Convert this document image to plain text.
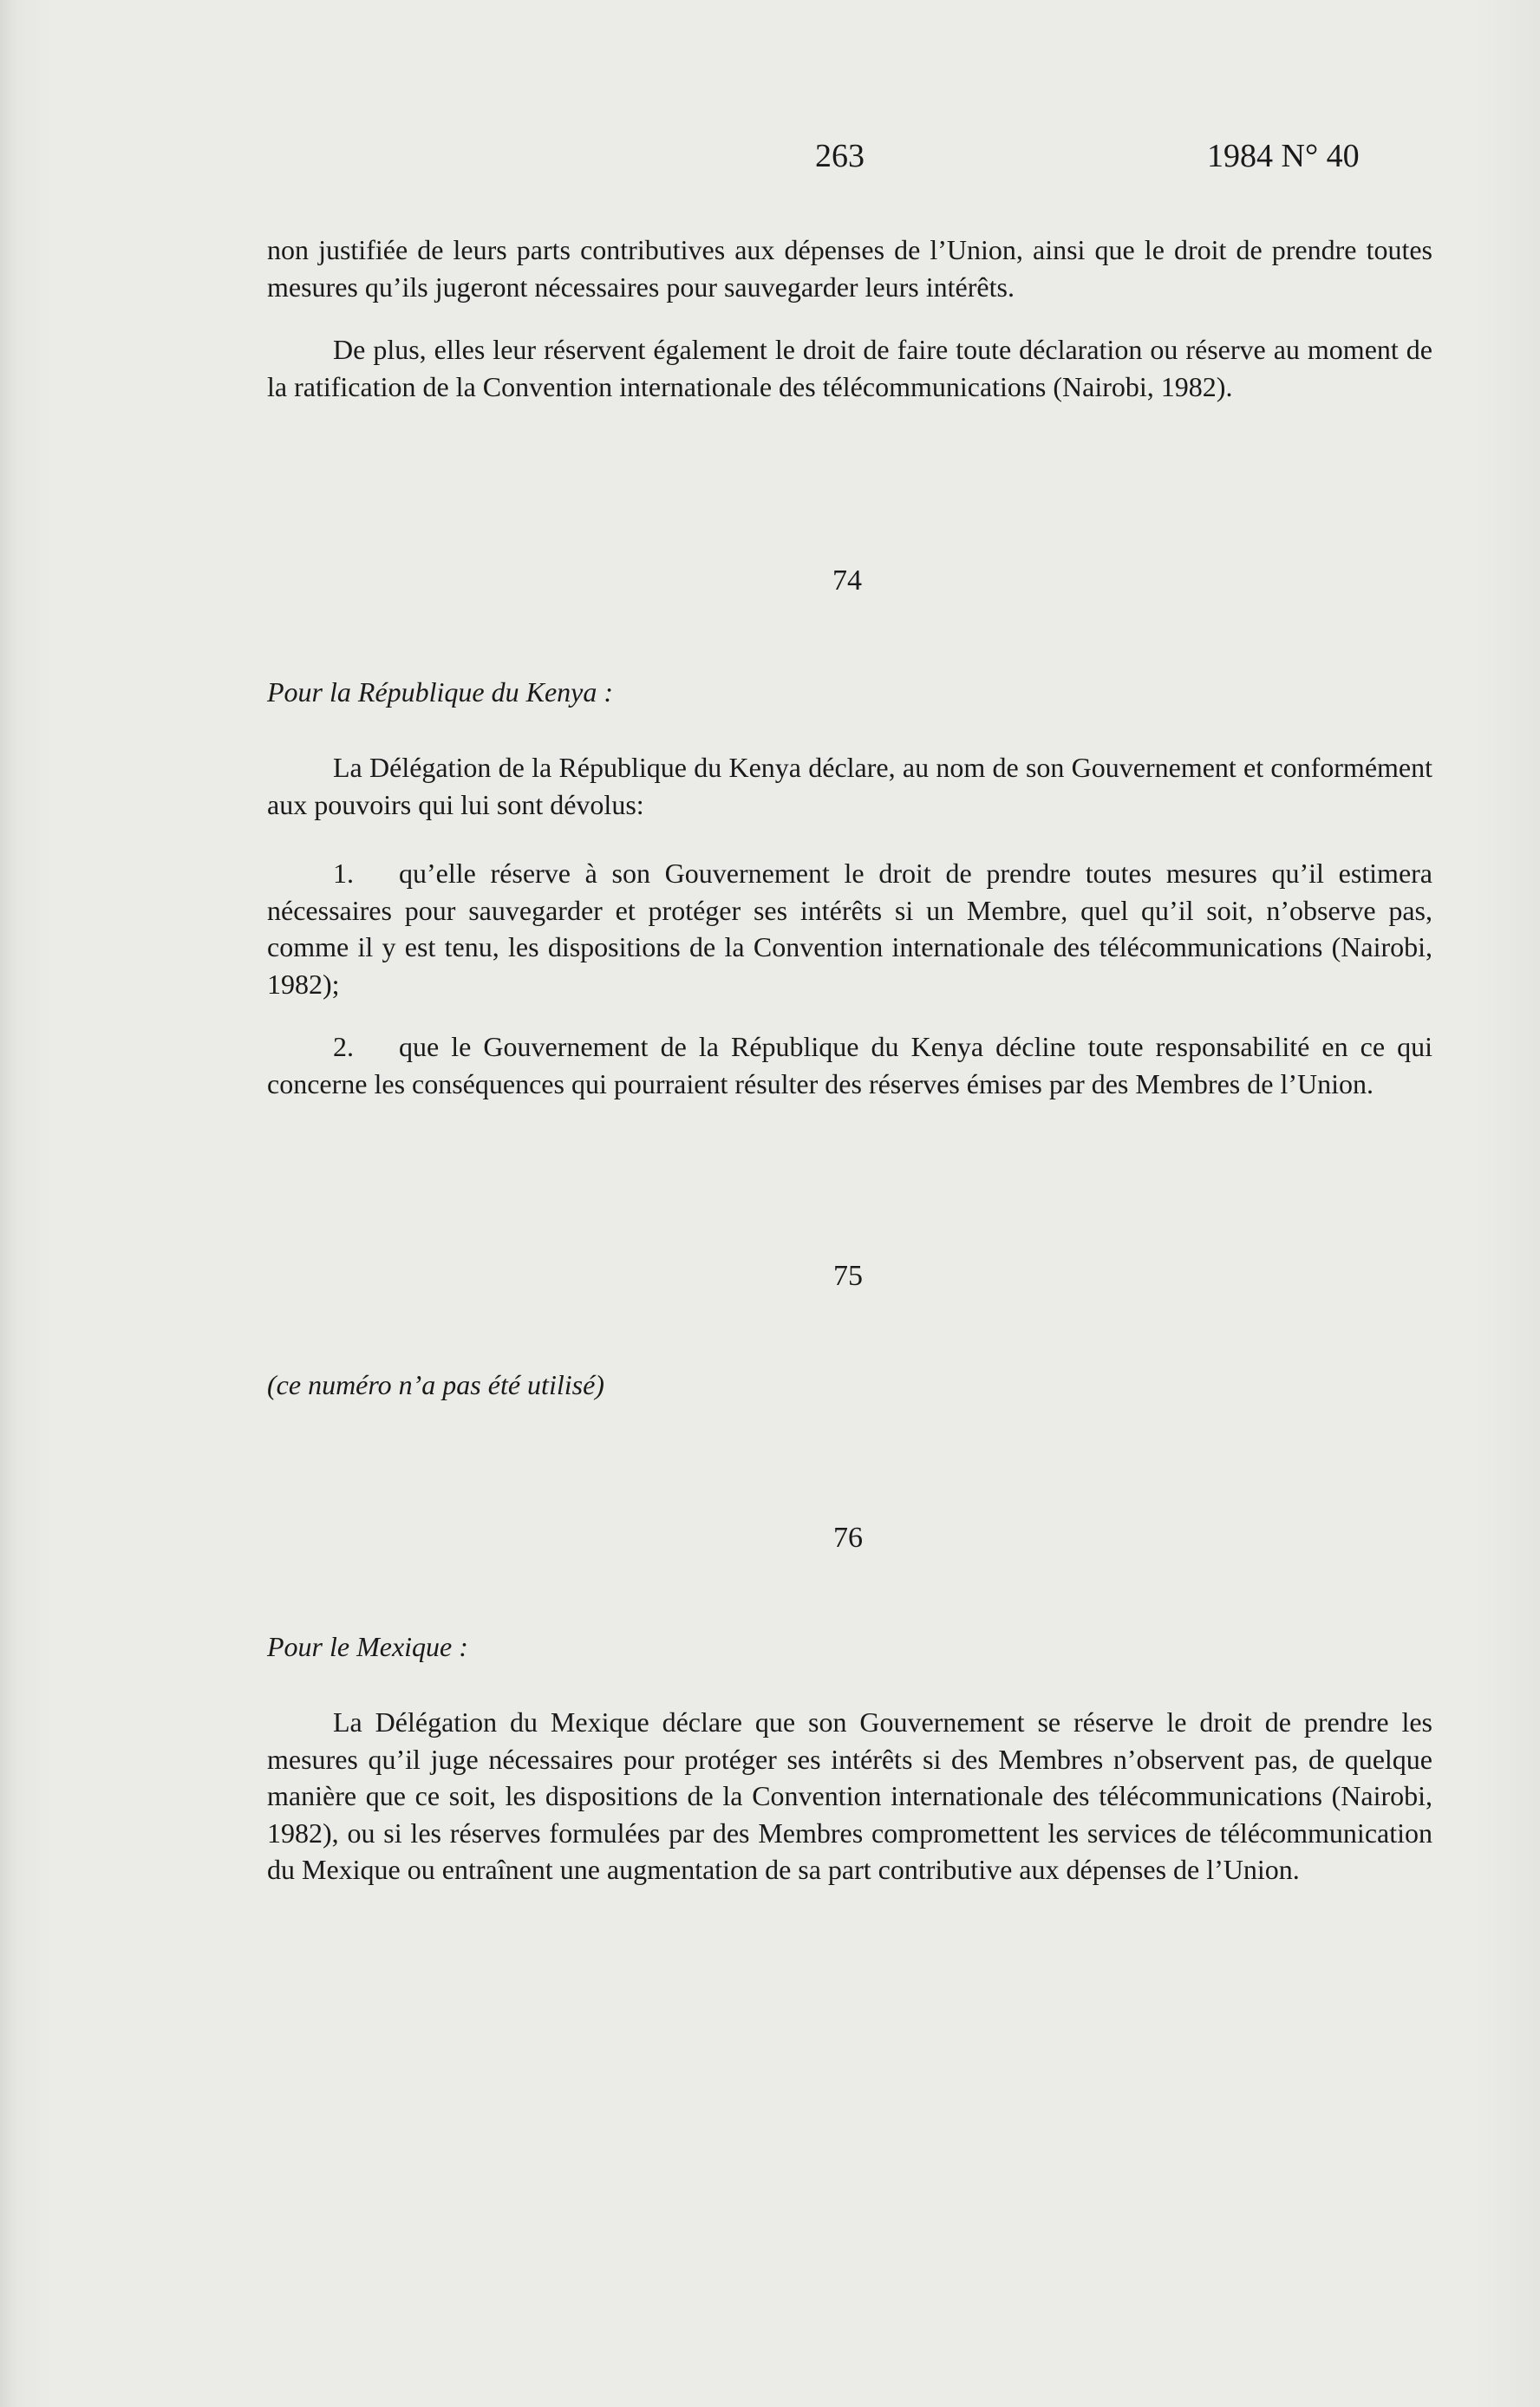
263	1984 N° 40

non justifiée de leurs parts contributives aux dépenses de l’Union, ainsi que le droit de prendre toutes mesures qu’ils jugeront nécessaires pour sauvegarder leurs intérêts.

De plus, elles leur réservent également le droit de faire toute déclaration ou réserve au moment de la ratification de la Convention internationale des télécommunications (Nairobi, 1982).

74
Pour la République du Kenya :

La Délégation de la République du Kenya déclare, au nom de son Gouvernement et conformément aux pouvoirs qui lui sont dévolus:

1. qu’elle réserve à son Gouvernement le droit de prendre toutes mesures qu’il estimera nécessaires pour sauvegarder et protéger ses intérêts si un Membre, quel qu’il soit, n’observe pas, comme il y est tenu, les dispositions de la Convention internationale des télécommunications (Nairobi, 1982);

2. que le Gouvernement de la République du Kenya décline toute responsabilité en ce qui concerne les conséquences qui pourraient résulter des réserves émises par des Membres de l’Union.

75
(ce numéro n’a pas été utilisé)
76
Pour le Mexique :

La Délégation du Mexique déclare que son Gouvernement se réserve le droit de prendre les mesures qu’il juge nécessaires pour protéger ses intérêts si des Membres n’observent pas, de quelque manière que ce soit, les dispositions de la Convention internationale des télécommunications (Nairobi, 1982), ou si les réserves formulées par des Membres compromettent les services de télécommunication du Mexique ou entraînent une augmentation de sa part contributive aux dépenses de l’Union.
